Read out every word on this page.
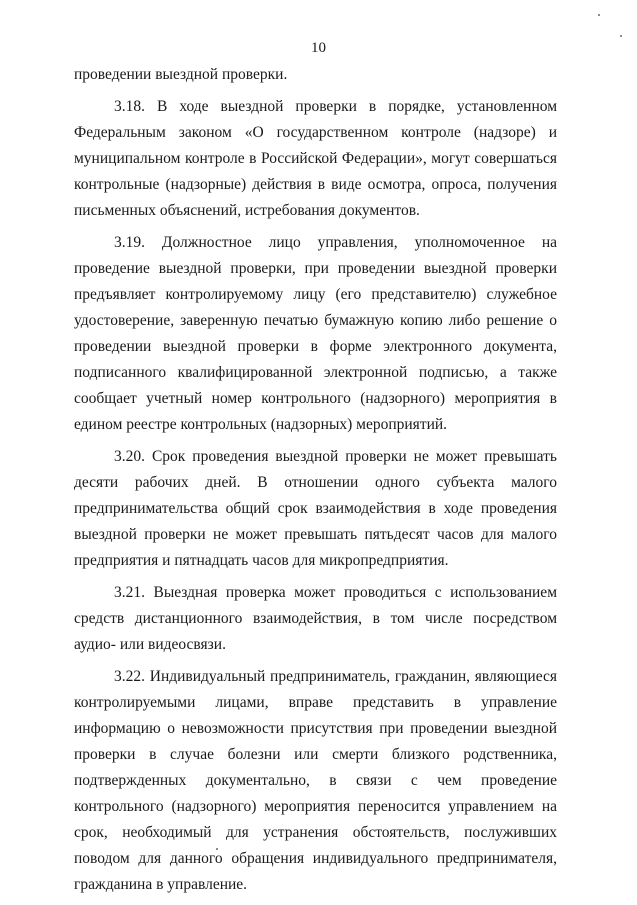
10

проведении выездной проверки.

3.18. В ходе выездной проверки в порядке, установленном Федеральным законом «О государственном контроле (надзоре) и муниципальном контроле в Российской Федерации», могут совершаться контрольные (надзорные) действия в виде осмотра, опроса, получения письменных объяснений, истребования документов.

3.19. Должностное лицо управления, уполномоченное на проведение выездной проверки, при проведении выездной проверки предъявляет контролируемому лицу (его представителю) служебное удостоверение, заверенную печатью бумажную копию либо решение о проведении выездной проверки в форме электронного документа, подписанного квалифицированной электронной подписью, а также сообщает учетный номер контрольного (надзорного) мероприятия в едином реестре контрольных (надзорных) мероприятий.

3.20. Срок проведения выездной проверки не может превышать десяти рабочих дней. В отношении одного субъекта малого предпринимательства общий срок взаимодействия в ходе проведения выездной проверки не может превышать пятьдесят часов для малого предприятия и пятнадцать часов для микропредприятия.

3.21. Выездная проверка может проводиться с использованием средств дистанционного взаимодействия, в том числе посредством аудио- или видеосвязи.

3.22. Индивидуальный предприниматель, гражданин, являющиеся контролируемыми лицами, вправе представить в управление информацию о невозможности присутствия при проведении выездной проверки в случае болезни или смерти близкого родственника, подтвержденных документально, в связи с чем проведение контрольного (надзорного) мероприятия переносится управлением на срок, необходимый для устранения обстоятельств, послуживших поводом для данного обращения индивидуального предпринимателя, гражданина в управление.
